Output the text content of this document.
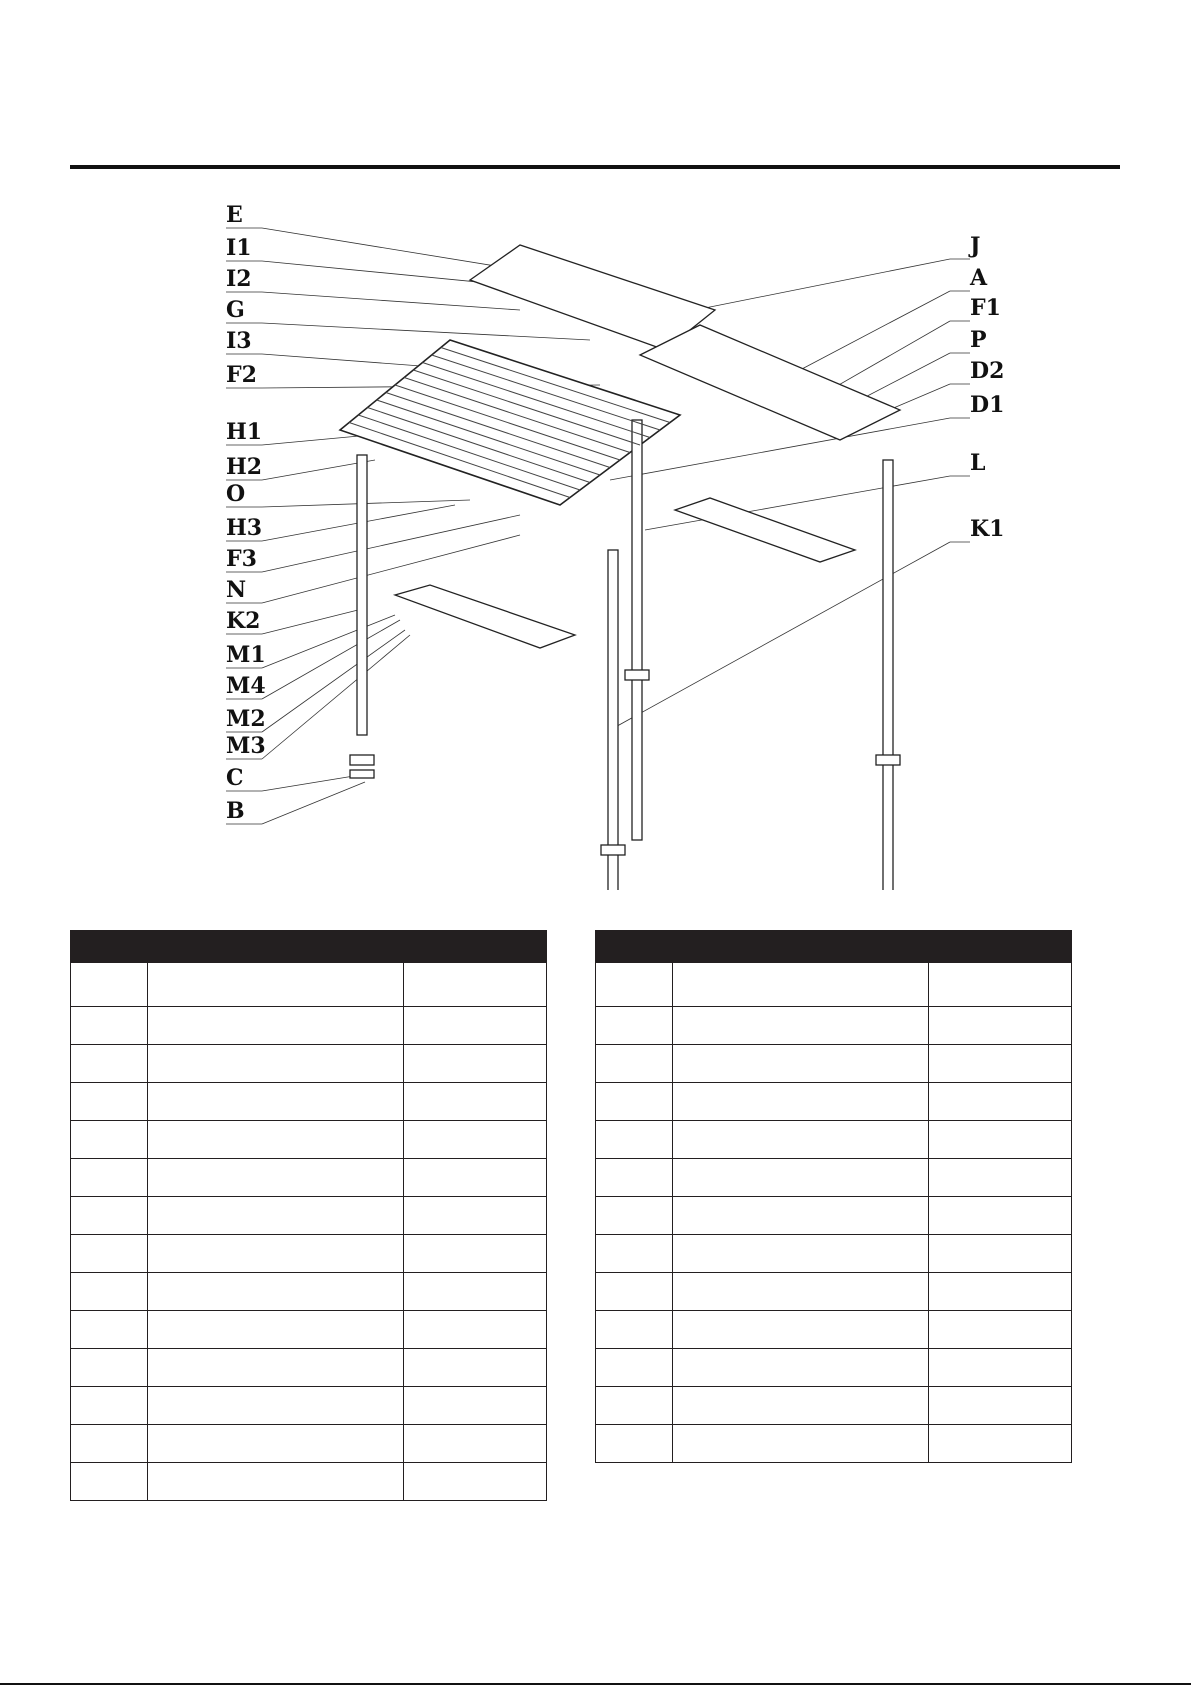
E
I1
I2
G
I3
F2
H1
H2
O
H3
F3
N
K2
M1
M4
M2
M3
C
B
J
A
F1
P
D2
D1
L
K1
